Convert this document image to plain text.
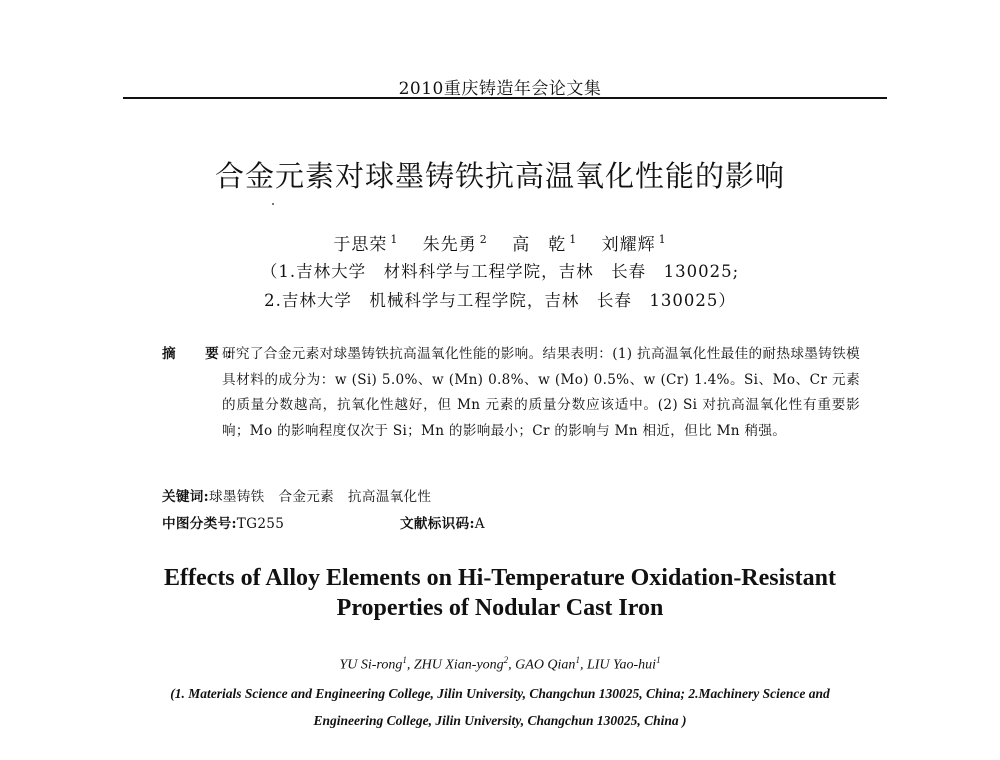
2010重庆铸造年会论文集
合金元素对球墨铸铁抗高温氧化性能的影响
于思荣 $^1$ 朱先勇 $^2$ 高　乾 $^1$ 刘耀辉 $^1$
（1.吉林大学　材料科学与工程学院，吉林　长春　130025;
2.吉林大学　机械科学与工程学院，吉林　长春　130025）
摘　要:
研究了合金元素对球墨铸铁抗高温氧化性能的影响。结果表明：(1) 抗高温氧化性最佳的耐热球墨铸铁模具材料的成分为：w (Si) 5.0%、w (Mn) 0.8%、w (Mo) 0.5%、w (Cr) 1.4%。Si、Mo、Cr 元素的质量分数越高，抗氧化性越好，但 Mn 元素的质量分数应该适中。(2) Si 对抗高温氧化性有重要影响；Mo 的影响程度仅次于 Si；Mn 的影响最小；Cr 的影响与 Mn 相近，但比 Mn 稍强。
关键词:球墨铸铁　合金元素　抗高温氧化性
中图分类号:TG255	文献标识码:A
Effects of Alloy Elements on Hi-Temperature Oxidation-Resistant
Properties of Nodular Cast Iron
YU Si-rong$^1$, ZHU Xian-yong$^2$, GAO Qian$^1$, LIU Yao-hui$^1$
(1. Materials Science and Engineering College, Jilin University, Changchun 130025, China; 2.Machinery Science and
Engineering College, Jilin University, Changchun 130025, China )
